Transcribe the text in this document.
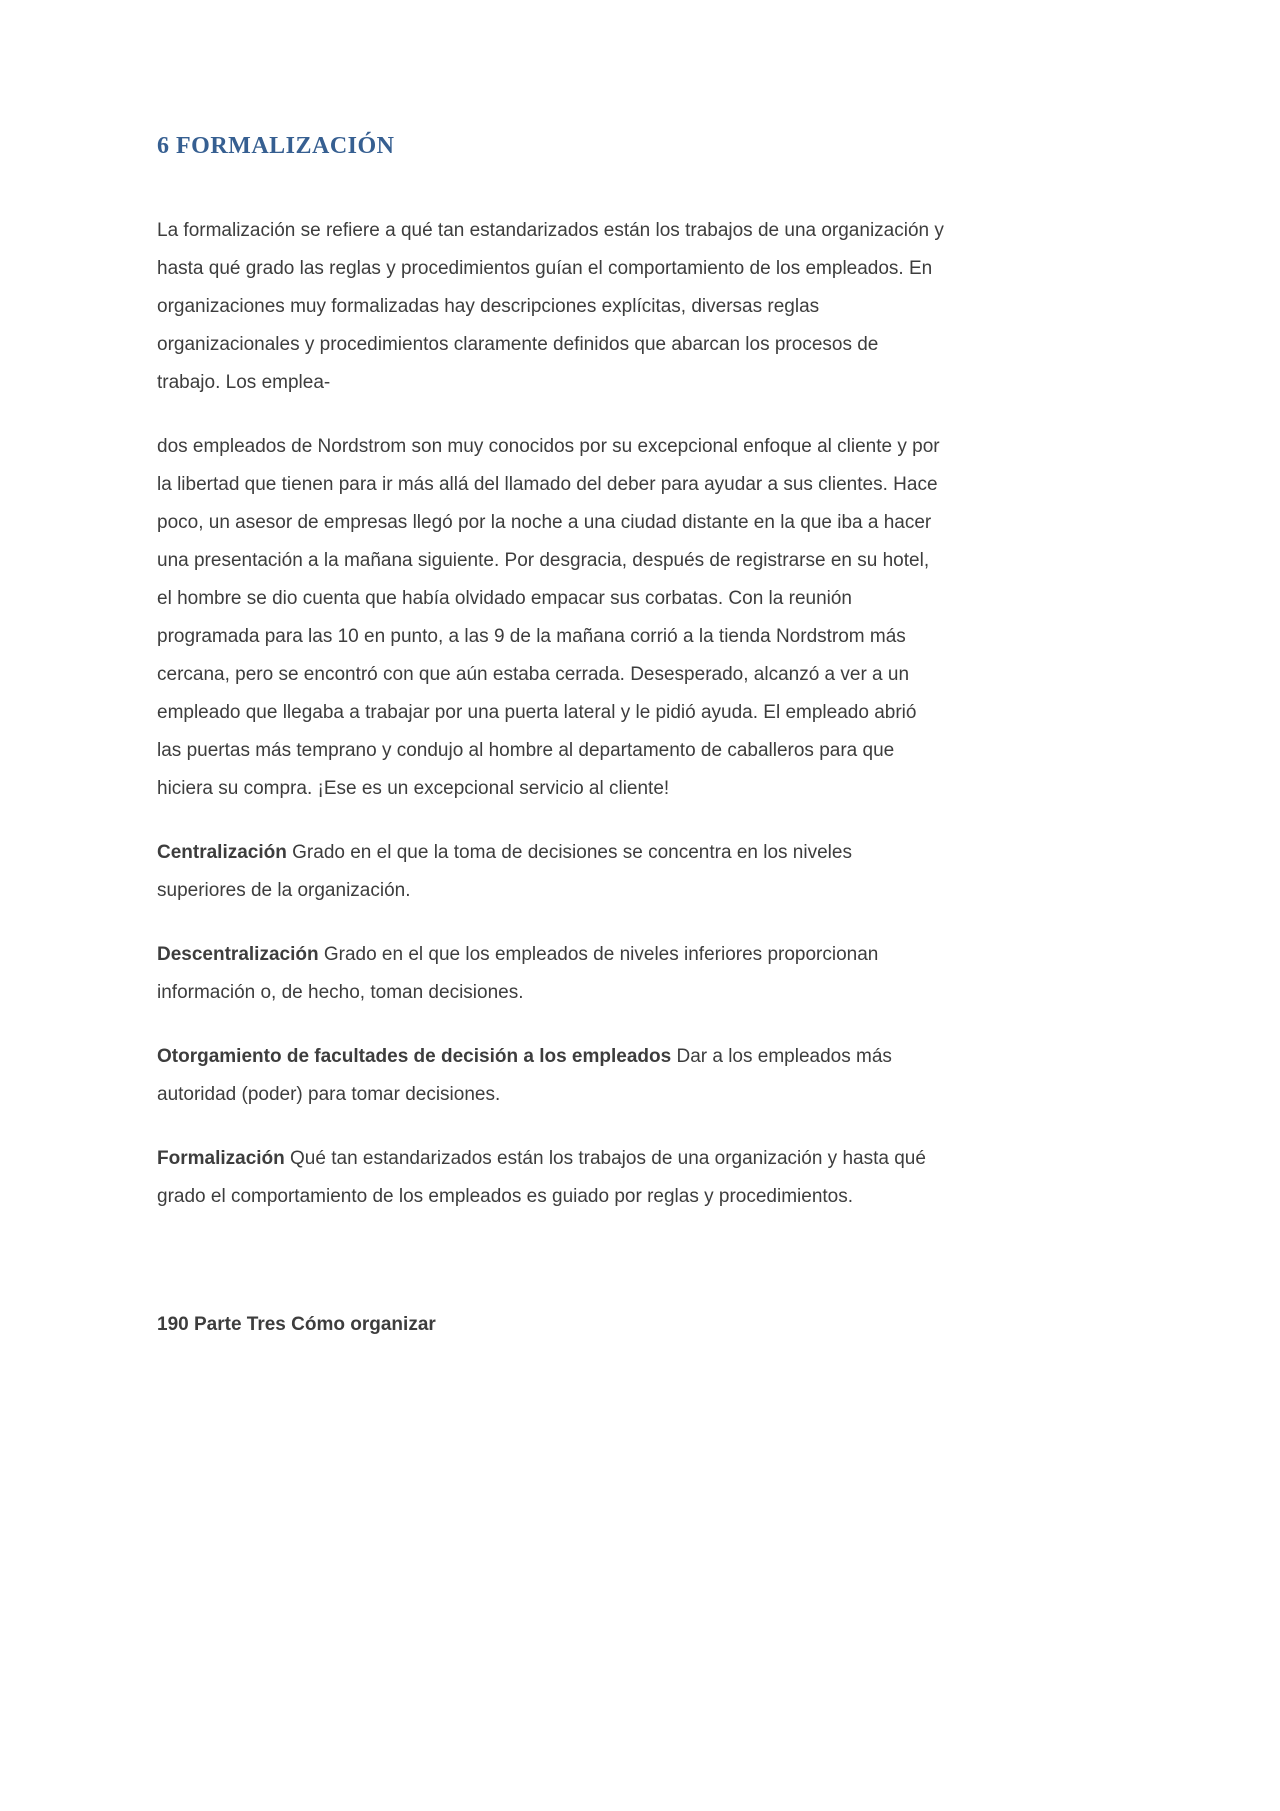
6 FORMALIZACIÓN

La formalización se refiere a qué tan estandarizados están los trabajos de una organización y hasta qué grado las reglas y procedimientos guían el comportamiento de los empleados. En organizaciones muy formalizadas hay descripciones explícitas, diversas reglas organizacionales y procedimientos claramente definidos que abarcan los procesos de trabajo. Los emplea-

dos empleados de Nordstrom son muy conocidos por su excepcional enfoque al cliente y por la libertad que tienen para ir más allá del llamado del deber para ayudar a sus clientes. Hace poco, un asesor de empresas llegó por la noche a una ciudad distante en la que iba a hacer una presentación a la mañana siguiente. Por desgracia, después de registrarse en su hotel, el hombre se dio cuenta que había olvidado empacar sus corbatas. Con la reunión programada para las 10 en punto, a las 9 de la mañana corrió a la tienda Nordstrom más cercana, pero se encontró con que aún estaba cerrada. Desesperado, alcanzó a ver a un empleado que llegaba a trabajar por una puerta lateral y le pidió ayuda. El empleado abrió las puertas más temprano y condujo al hombre al departamento de caballeros para que hiciera su compra. ¡Ese es un excepcional servicio al cliente!

Centralización Grado en el que la toma de decisiones se concentra en los niveles superiores de la organización.

Descentralización Grado en el que los empleados de niveles inferiores proporcionan información o, de hecho, toman decisiones.

Otorgamiento de facultades de decisión a los empleados Dar a los empleados más autoridad (poder) para tomar decisiones.

Formalización Qué tan estandarizados están los trabajos de una organización y hasta qué grado el comportamiento de los empleados es guiado por reglas y procedimientos.

190 Parte Tres Cómo organizar
